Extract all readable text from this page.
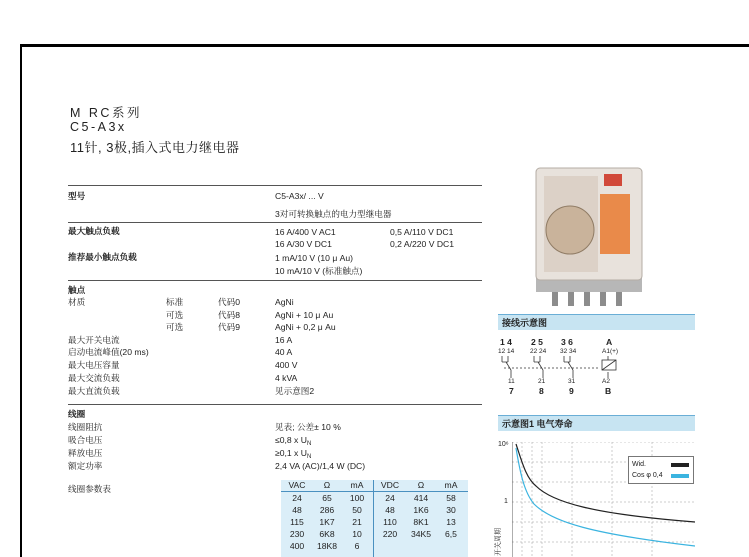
M RC系列
C5-A3x
11针, 3极,插入式电力继电器
型号	C5-A3x/ ... V
3对可转换触点的电力型继电器
最大触点负载	16 A/400 V AC1	0,5 A/110 V DC1
16 A/30 V DC1	0,2 A/220 V DC1
推荐最小触点负载	1 mA/10 V (10 μ Au)
10 mA/10 V (标准触点)
触点
材质	标准	代码0	AgNi
可选	代码8	AgNi + 10 μ Au
可选	代码9	AgNi + 0,2 μ Au
最大开关电流	16 A
启动电流峰值(20 ms)	40 A
最大电压容量	400 V
最大交流负载	4 kVA
最大直流负载	见示意图2
线圈
线圈阻抗	见表; 公差± 10 %
吸合电压	≤0,8 x $U_N$
释放电压	≥0,1 x $U_N$
额定功率	2,4 VA (AC)/1,4 W (DC)
线圈参数表	VAC	Ω	mA	VDC	Ω	mA
24	65	100	24	414	58
48	286	50	48	1K6	30
115	1K7	21	110	8K1	13
230	6K8	10	220	34K5	6,5
400	18K8	6
接线示意图
1 4 2 5 3 6	A
12 14 22 24 32 34	A1(+)
11	21	31	A2
7	8	9	B
示意图1 电气寿命
10⁶
1
开关周期
Wid.
Cos φ 0,4
